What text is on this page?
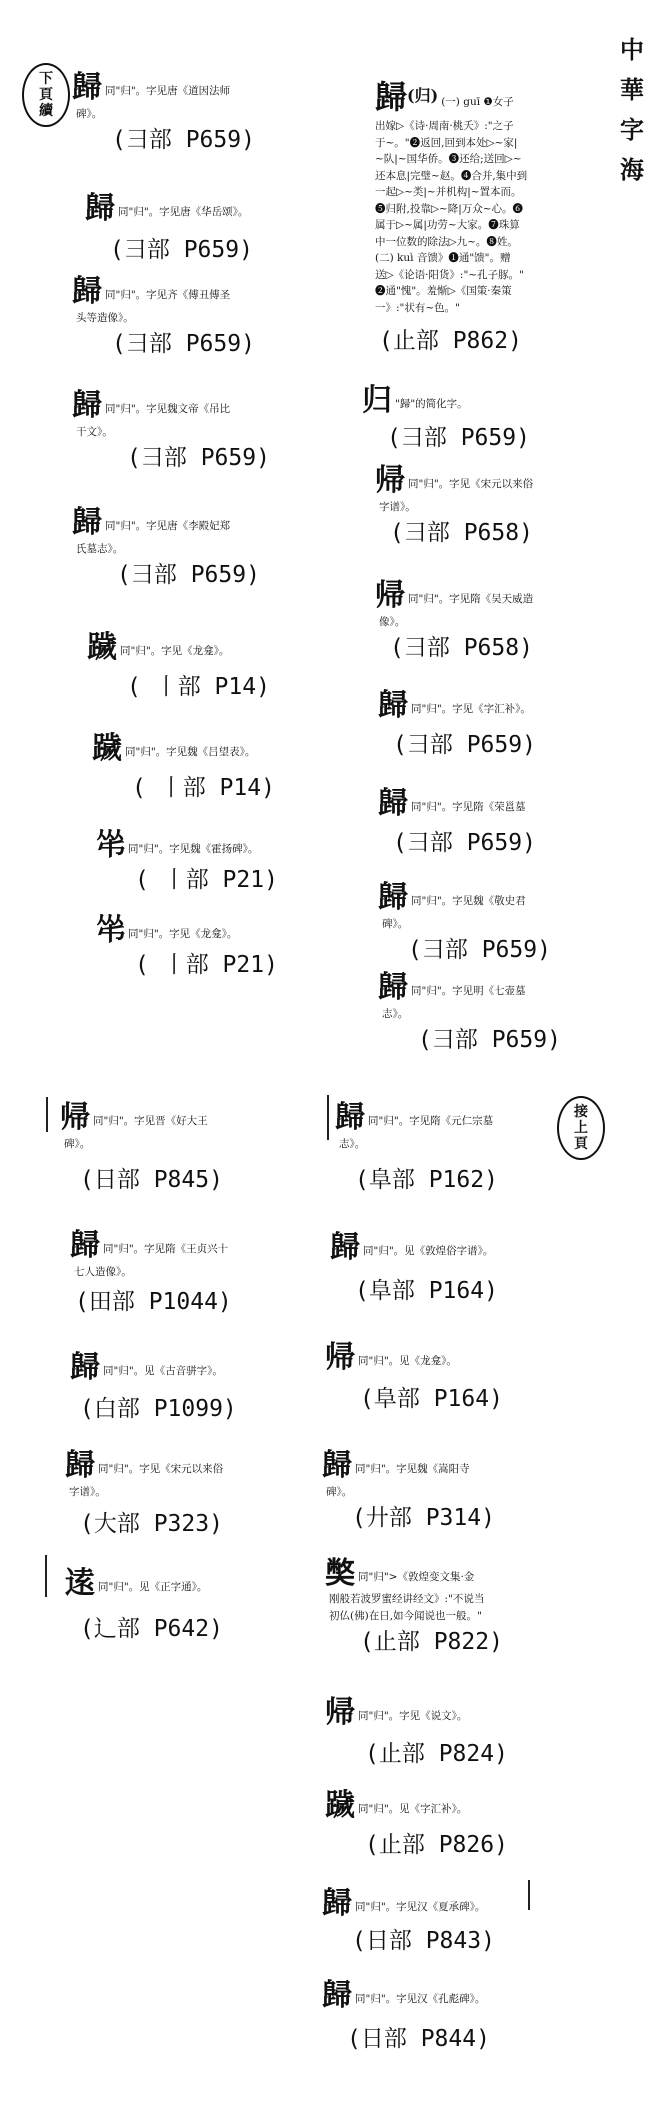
中
華
字
海
下
頁
續
接
上
頁
歸(归) (一) guī ❶女子
出嫁▷《诗·周南·桃夭》:"之子
于~。"❷返回,回到本处▷~家|
~队|~国华侨。❸还给;送回▷~
还本息|完璧~赵。❹合并,集中到
一起▷~类|~并机构|~置本而。
❺归附,投靠▷~降|万众~心。❻
属于▷~属|功劳~大家。❼珠算
中一位数的除法▷九~。❽姓。
(二) kuì 音馈》❶通"馈"。赠
送▷《论语·阳货》:"~孔子豚。"
❷通"愧"。羞惭▷《国策·秦策
一》:"状有~色。"
(止部 P862)
歸同"归"。字见唐《道因法师
碑》。
(彐部 P659)
歸同"归"。字见唐《华岳颂》。
(彐部 P659)
歸同"归"。字见齐《傅丑傅圣
头等造像》。
(彐部 P659)
歸同"归"。字见魏文帝《吊比
干文》。
(彐部 P659)
歸同"归"。字见唐《李殿妃郑
氏墓志》。
(彐部 P659)
䠩同"归"。字见《龙龛》。
( 丨部 P14)
䠩同"归"。字见魏《吕望表》。
( 丨部 P14)
𠁮同"归"。字见魏《霍扬碑》。
( 丨部 P21)
𠁮同"归"。字见《龙龛》。
( 丨部 P21)
归 "歸"的简化字。
(彐部 P659)
帰同"归"。字见《宋元以来俗
字谱》。
(彐部 P658)
帰同"归"。字见隋《吴天威造
像》。
(彐部 P658)
歸同"归"。字见《字汇补》。
(彐部 P659)
歸同"归"。字见隋《荣邕墓
(彐部 P659)
歸同"归"。字见魏《敬史君
碑》。
(彐部 P659)
歸同"归"。字见明《七壶墓
志》。
(彐部 P659)
帰同"归"。字见晋《好大王
碑》。
(日部 P845)
歸同"归"。字见隋《王贞兴十
七人造像》。
(田部 P1044)
歸同"归"。见《古音骈字》。
(白部 P1099)
歸同"归"。字见《宋元以来俗
字谱》。
(大部 P323)
逺同"归"。见《正字通》。
(辶部 P642)
歸同"归"。字见隋《元仁宗墓
志》。
(阜部 P162)
歸同"归"。见《敦煌俗字谱》。
(阜部 P164)
帰同"归"。见《龙龛》。
(阜部 P164)
歸同"归"。字见魏《嵩阳寺
碑》。
(廾部 P314)
𡚁同"归">《敦煌变文集·金
刚般若波罗蜜经讲经文》:"不说当
初仏(佛)在日,如今闻说也一般。"
(止部 P822)
帰同"归"。字见《说文》。
(止部 P824)
䠩同"归"。见《字汇补》。
(止部 P826)
歸同"归"。字见汉《夏承碑》。
(日部 P843)
歸同"归"。字见汉《孔彪碑》。
(日部 P844)
